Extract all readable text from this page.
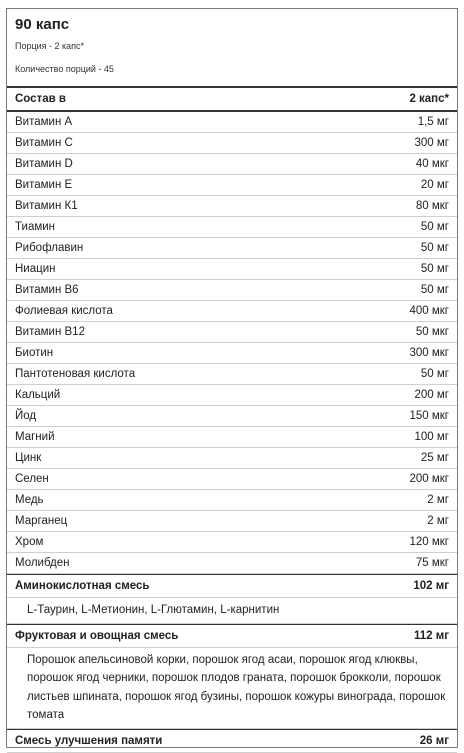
90 капс
Порция - 2 капс*
Количество порций - 45
Состав в	2 капс*
Витамин A	1,5 мг
Витамин С	300 мг
Витамин D	40 мкг
Витамин Е	20 мг
Витамин К1	80 мкг
Тиамин	50 мг
Рибофлавин	50 мг
Ниацин	50 мг
Витамин В6	50 мг
Фолиевая кислота	400 мкг
Витамин В12	50 мкг
Биотин	300 мкг
Пантотеновая кислота	50 мг
Кальций	200 мг
Йод	150 мкг
Магний	100 мг
Цинк	25 мг
Селен	200 мкг
Медь	2 мг
Марганец	2 мг
Хром	120 мкг
Молибден	75 мкг
Аминокислотная смесь	102 мг
L-Таурин, L-Метионин, L-Глютамин, L-карнитин
Фруктовая и овощная смесь	112 мг
Порошок апельсиновой корки, порошок ягод асаи, порошок ягод клюквы, порошок ягод черники, порошок плодов граната, порошок брокколи, порошок листьев шпината, порошок ягод бузины, порошок кожуры винограда, порошок томата
Смесь улучшения памяти	26 мг
